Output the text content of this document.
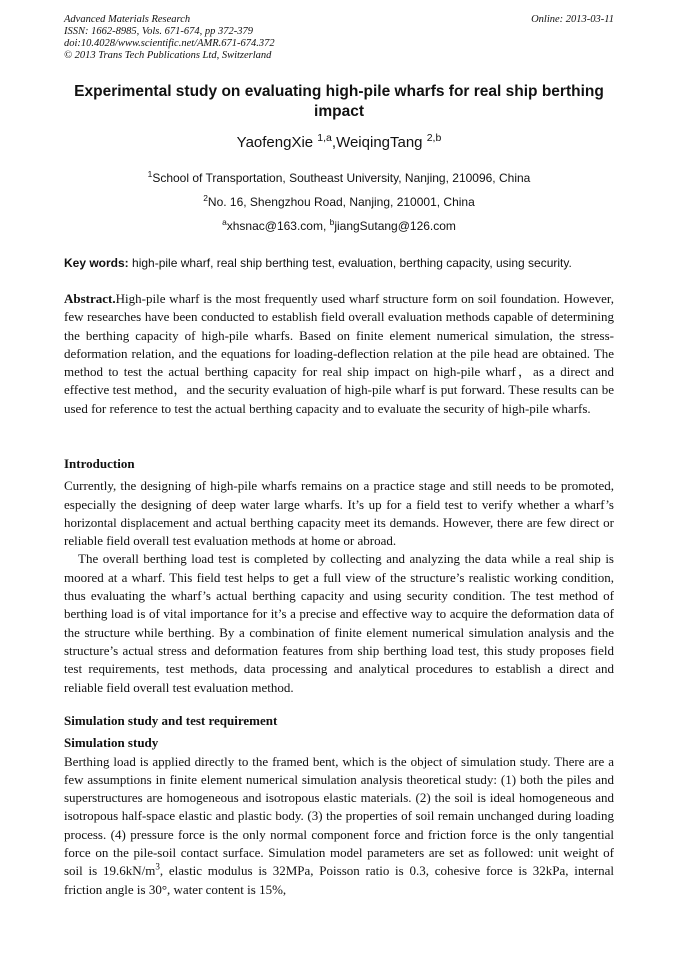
Advanced Materials Research
ISSN: 1662-8985, Vols. 671-674, pp 372-379
doi:10.4028/www.scientific.net/AMR.671-674.372
© 2013 Trans Tech Publications Ltd, Switzerland
Online: 2013-03-11
Experimental study on evaluating high-pile wharfs for real ship berthing impact
YaofengXie $^{1,a}$,WeiqingTang $^{2,b}$
$^1$School of Transportation, Southeast University, Nanjing, 210096, China
$^2$No. 16, Shengzhou Road, Nanjing, 210001, China
$^a$xhsnac@163.com, $^b$jiangSutang@126.com
Key words: high-pile wharf, real ship berthing test, evaluation, berthing capacity, using security.

Abstract.High-pile wharf is the most frequently used wharf structure form on soil foundation. However, few researches have been conducted to establish field overall evaluation methods capable of determining the berthing capacity of high-pile wharfs. Based on finite element numerical simulation, the stress-deformation relation, and the equations for loading-deflection relation at the pile head are obtained. The method to test the actual berthing capacity for real ship impact on high-pile wharf，as a direct and effective test method，and the security evaluation of high-pile wharf is put forward. These results can be used for reference to test the actual berthing capacity and to evaluate the security of high-pile wharfs.

Introduction

Currently, the designing of high-pile wharfs remains on a practice stage and still needs to be promoted, especially the designing of deep water large wharfs. It’s up for a field test to verify whether a wharf’s horizontal displacement and actual berthing capacity meet its demands. However, there are few direct or reliable field overall test evaluation methods at home or abroad.

The overall berthing load test is completed by collecting and analyzing the data while a real ship is moored at a wharf. This field test helps to get a full view of the structure’s realistic working condition, thus evaluating the wharf’s actual berthing capacity and using security condition. The test method of berthing load is of vital importance for it’s a precise and effective way to acquire the deformation data of the structure while berthing. By a combination of finite element numerical simulation analysis and the structure’s actual stress and deformation features from ship berthing load test, this study proposes field test requirements, test methods, data processing and analytical procedures to establish a direct and reliable field overall test evaluation method.

Simulation study and test requirement

Simulation study

Berthing load is applied directly to the framed bent, which is the object of simulation study. There are a few assumptions in finite element numerical simulation analysis theoretical study: (1) both the piles and superstructures are homogeneous and isotropous elastic materials. (2) the soil is ideal homogeneous and isotropous half-space elastic and plastic body. (3) the properties of soil remain unchanged during loading process. (4) pressure force is the only normal component force and friction force is the only tangential force on the pile-soil contact surface. Simulation model parameters are set as followed: unit weight of soil is $19.6kN/m^3$, elastic modulus is 32MPa, Poisson ratio is 0.3, cohesive force is 32kPa, internal friction angle is 30°, water content is 15%,
